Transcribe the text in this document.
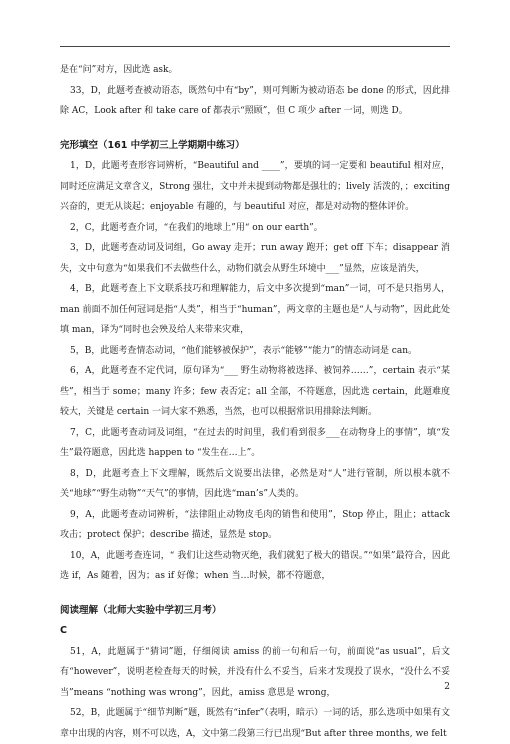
是在“问”对方，因此选 ask。

33，D，此题考查被动语态，既然句中有“by”，则可判断为被动语态 be done 的形式，因此排除 AC，Look after 和 take care of 都表示“照顾”，但 C 项少 after 一词，则选 D。

完形填空（161 中学初三上学期期中练习）

1，D，此题考查形容词辨析，“Beautiful and ____”，要填的词一定要和 beautiful 相对应，同时还应满足文章含义，Strong 强壮，文中并未提到动物都是强壮的；lively 活泼的，；exciting 兴奋的，更无从谈起；enjoyable 有趣的，与 beautiful 对应，都是对动物的整体评价。

2，C，此题考查介词，“在我们的地球上”用“ on our earth”。

3，D，此题考查动词及词组，Go away 走开；run away 跑开；get off 下车；disappear 消失，文中句意为“如果我们不去做些什么，动物们就会从野生环境中___”显然，应该是消失，

4，B，此题考查上下文联系技巧和理解能力，后文中多次提到“man”一词，可不是只指男人，man 前面不加任何冠词是指“人类”，相当于“human”，两文章的主题也是“人与动物”，因此此处填 man，译为“同时也会殃及给人来带来灾难，

5，B，此题考查情态动词，“他们能够被保护”，表示“能够”“能力”的情态动词是 can。

6，A，此题考查不定代词，原句译为“___ 野生动物将被选择、被饲养……”，certain 表示“某些”，相当于 some；many 许多；few 表否定；all 全部，不符题意，因此选 certain，此题难度较大，关键是 certain 一词大家不熟悉，当然，也可以根据常识用排除法判断。

7，C，此题考查动词及词组，“在过去的时间里，我们看到很多___在动物身上的事情”，填“发生”最符题意，因此选 happen to “发生在…上”。

8，D，此题考查上下文理解，既然后文说要出法律，必然是对“人”进行管制，所以根本就不关“地球”“野生动物”“天气”的事情，因此选“man’s”人类的。

9，A，此题考查动词辨析，“法律阻止动物皮毛肉的销售和使用”，Stop 停止，阻止；attack 攻击；protect 保护；describe 描述，显然是 stop。

10，A，此题考查连词，“ 我们让这些动物灭绝，我们就犯了极大的错误。”“如果”最符合，因此选 if，As 随着，因为；as if 好像；when 当…时候，都不符题意，

阅读理解（北师大实验中学初三月考）

C

51，A，此题属于“猜词”题，仔细阅读 amiss 的前一句和后一句，前面说“as usual”，后文有“however”，说明老检查每天的时候，并没有什么不妥当，后来才发现投了误水，“没什么不妥当”means “nothing was wrong”，因此，amiss 意思是 wrong，

52，B，此题属于“细节判断”题，既然有“infer”（表明，暗示）一词的话，那么选项中如果有文章中出现的内容，则不可以选，A，文中第二段第三行已出现“But after three months, we felt

2
